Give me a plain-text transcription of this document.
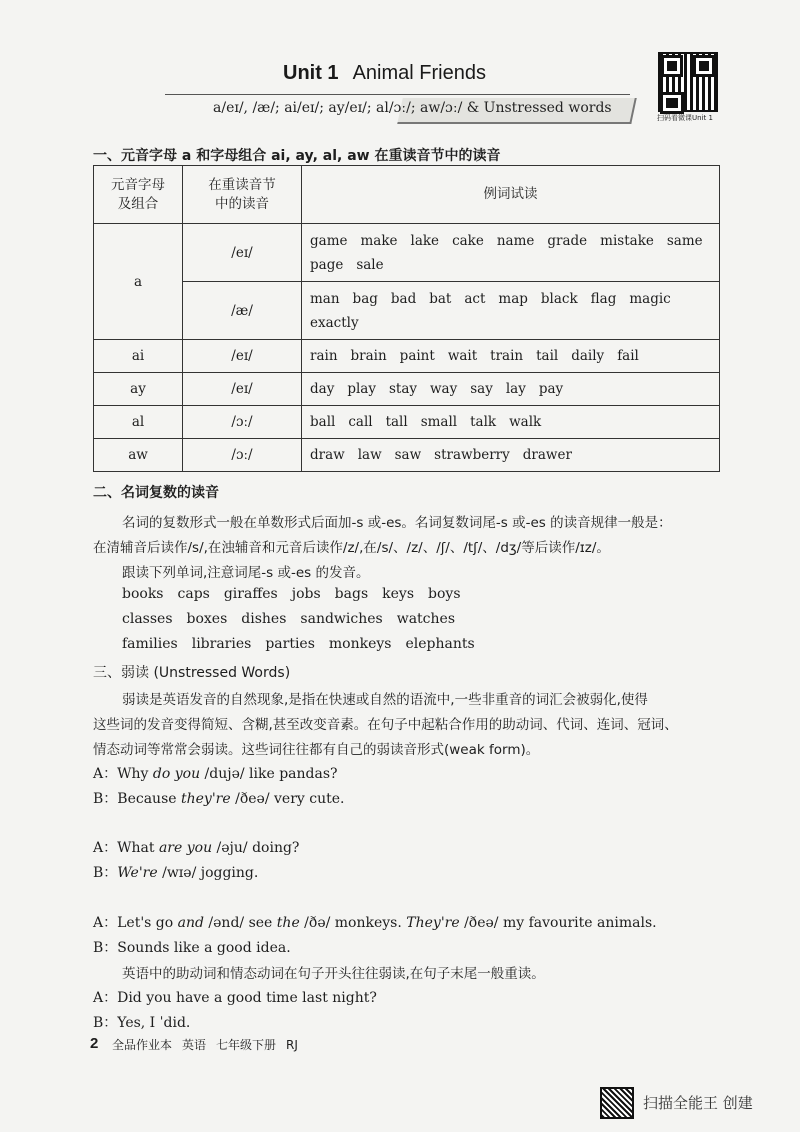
Unit 1 Animal Friends
a/eɪ/, /æ/; ai/eɪ/; ay/eɪ/; al/ɔː/; aw/ɔː/ & Unstressed words
扫码看微课Unit 1
一、元音字母 a 和字母组合 ai, ay, al, aw 在重读音节中的读音
元音字母
及组合	在重读音节
中的读音	例词试读
a	/eɪ/	game make lake cake name grade mistake same
page sale
	/æ/	man bag bad bat act map black flag magic
exactly
ai	/eɪ/	rain brain paint wait train tail daily fail
ay	/eɪ/	day play stay way say lay pay
al	/ɔː/	ball call tall small talk walk
aw	/ɔː/	draw law saw strawberry drawer
二、名词复数的读音
名词的复数形式一般在单数形式后面加-s 或-es。名词复数词尾-s 或-es 的读音规律一般是：
在清辅音后读作/s/,在浊辅音和元音后读作/z/,在/s/、/z/、/ʃ/、/tʃ/、/dʒ/等后读作/ɪz/。
跟读下列单词,注意词尾-s 或-es 的发音。
books caps giraffes jobs bags keys boys
classes boxes dishes sandwiches watches
families libraries parties monkeys elephants
三、弱读 (Unstressed Words)
弱读是英语发音的自然现象,是指在快速或自然的语流中,一些非重音的词汇会被弱化,使得
这些词的发音变得简短、含糊,甚至改变音素。在句子中起粘合作用的助动词、代词、连词、冠词、
情态动词等常常会弱读。这些词往往都有自己的弱读音形式(weak form)。
A：Why do you /dujə/ like pandas?
B：Because they're /ðeə/ very cute.
A：What are you /əju/ doing?
B：We're /wɪə/ jogging.
A：Let's go and /ənd/ see the /ðə/ monkeys. They're /ðeə/ my favourite animals.
B：Sounds like a good idea.
英语中的助动词和情态动词在句子开头往往弱读,在句子末尾一般重读。
A：Did you have a good time last night?
B：Yes, I ˈdid.
2 全品作业本 英语 七年级下册 RJ
扫描全能王 创建
